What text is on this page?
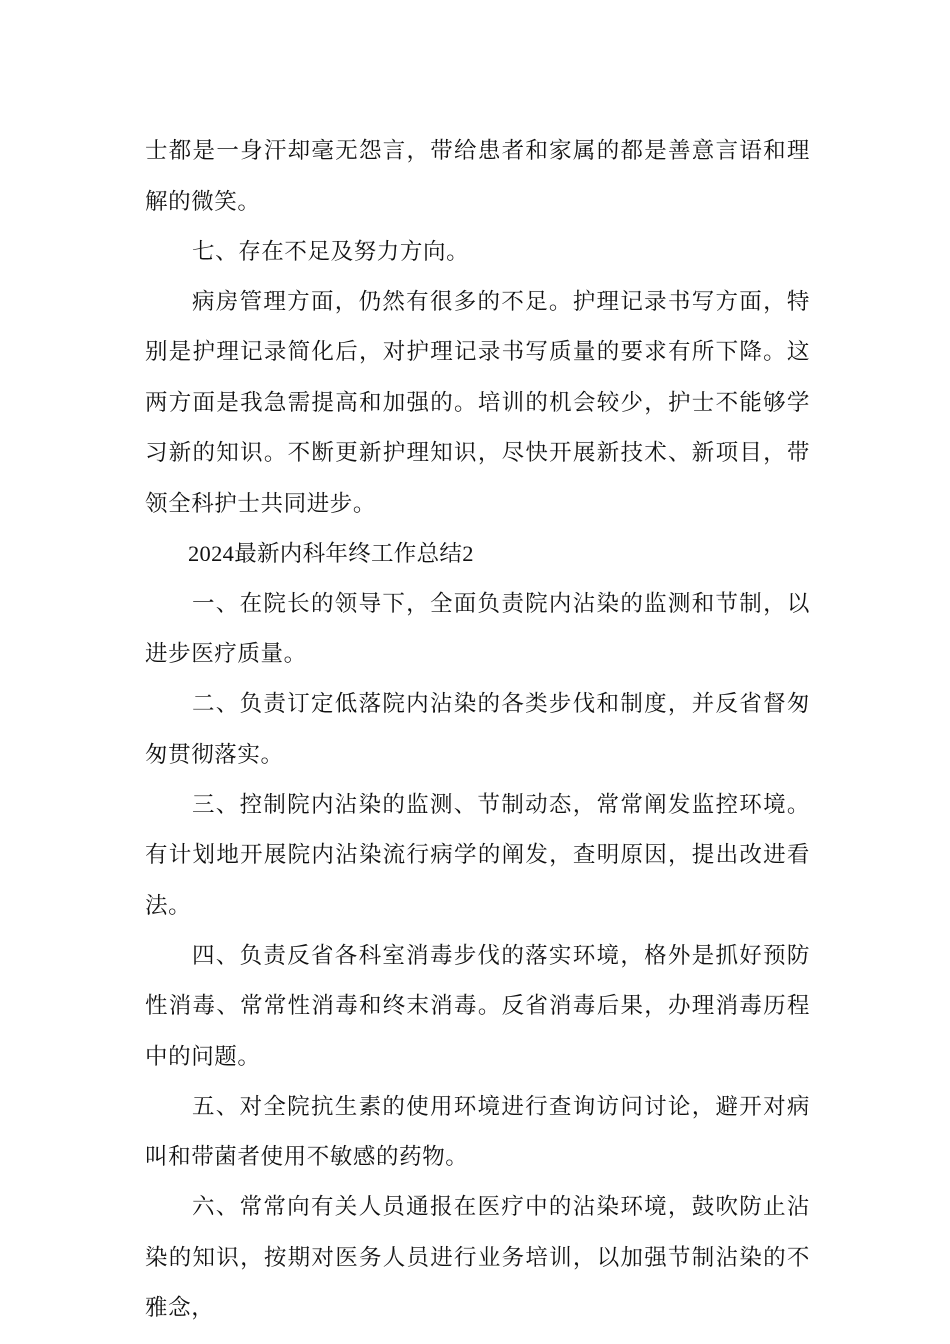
士都是一身汗却毫无怨言，带给患者和家属的都是善意言语和理解的微笑。

七、存在不足及努力方向。

病房管理方面，仍然有很多的不足。护理记录书写方面，特别是护理记录简化后，对护理记录书写质量的要求有所下降。这两方面是我急需提高和加强的。培训的机会较少，护士不能够学习新的知识。不断更新护理知识，尽快开展新技术、新项目，带领全科护士共同进步。

2024最新内科年终工作总结2

一、在院长的领导下，全面负责院内沾染的监测和节制，以进步医疗质量。

二、负责订定低落院内沾染的各类步伐和制度，并反省督匆匆贯彻落实。

三、控制院内沾染的监测、节制动态，常常阐发监控环境。有计划地开展院内沾染流行病学的阐发，查明原因，提出改进看法。

四、负责反省各科室消毒步伐的落实环境，格外是抓好预防性消毒、常常性消毒和终末消毒。反省消毒后果，办理消毒历程中的问题。

五、对全院抗生素的使用环境进行查询访问讨论，避开对病叫和带菌者使用不敏感的药物。

六、常常向有关人员通报在医疗中的沾染环境，鼓吹防止沾染的知识，按期对医务人员进行业务培训，以加强节制沾染的不雅念，
